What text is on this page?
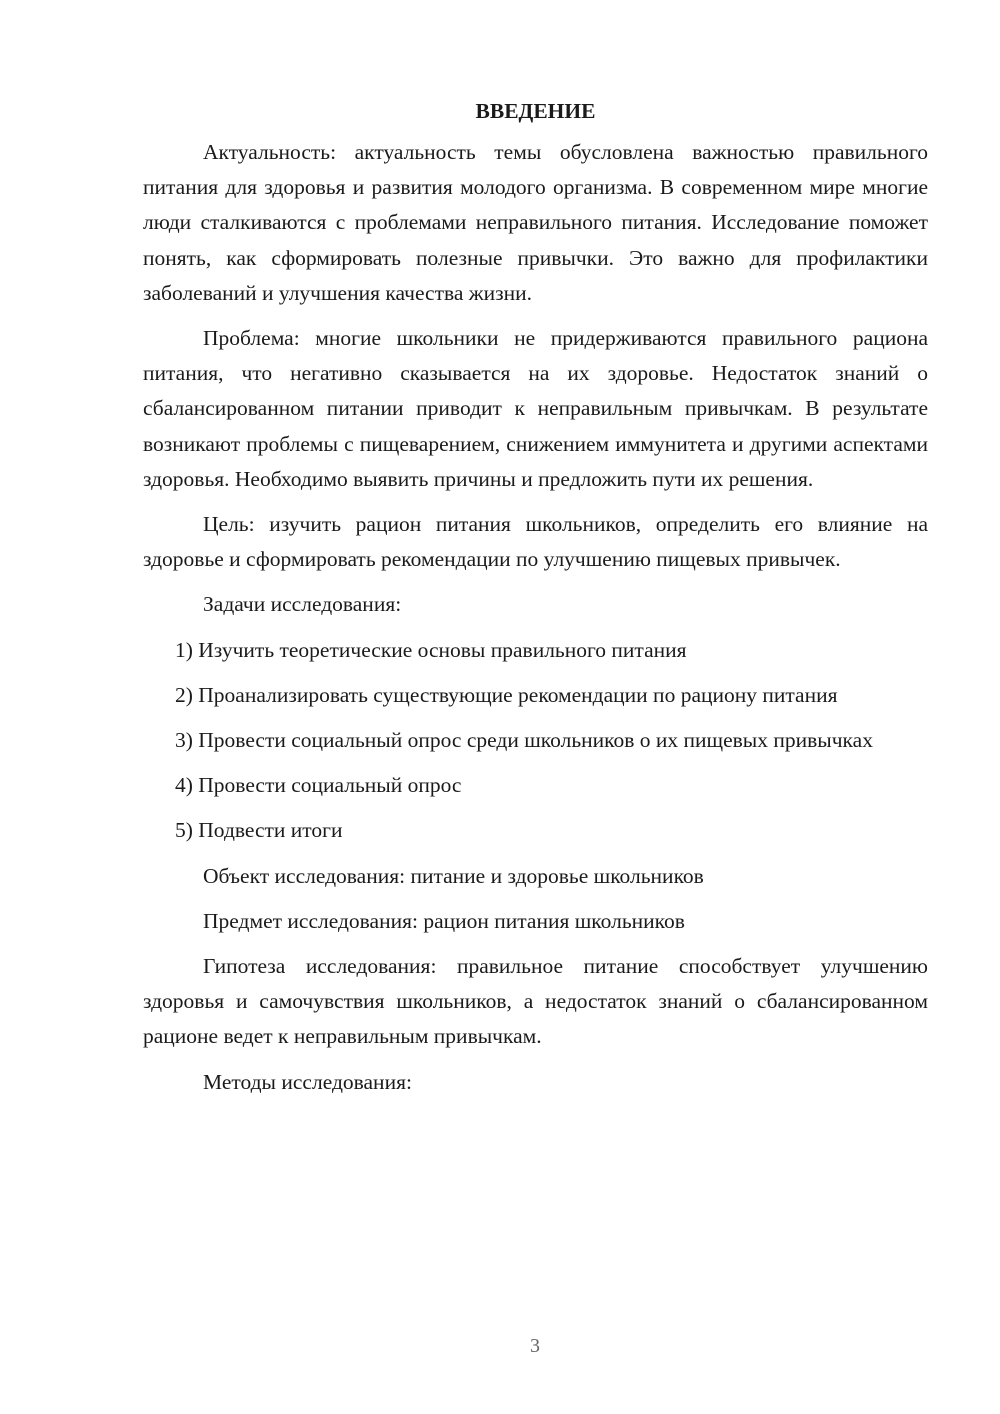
ВВЕДЕНИЕ

Актуальность: актуальность темы обусловлена важностью правильного питания для здоровья и развития молодого организма. В современном мире многие люди сталкиваются с проблемами неправильного питания. Исследование поможет понять, как сформировать полезные привычки. Это важно для профилактики заболеваний и улучшения качества жизни.

Проблема: многие школьники не придерживаются правильного рациона питания, что негативно сказывается на их здоровье. Недостаток знаний о сбалансированном питании приводит к неправильным привычкам. В результате возникают проблемы с пищеварением, снижением иммунитета и другими аспектами здоровья. Необходимо выявить причины и предложить пути их решения.

Цель: изучить рацион питания школьников, определить его влияние на здоровье и сформировать рекомендации по улучшению пищевых привычек.

Задачи исследования:

1) Изучить теоретические основы правильного питания

2) Проанализировать существующие рекомендации по рациону питания

3) Провести социальный опрос среди школьников о их пищевых привычках

4) Провести социальный опрос

5) Подвести итоги

Объект исследования: питание и здоровье школьников

Предмет исследования: рацион питания школьников

Гипотеза исследования: правильное питание способствует улучшению здоровья и самочувствия школьников, а недостаток знаний о сбалансированном рационе ведет к неправильным привычкам.

Методы исследования:

3
